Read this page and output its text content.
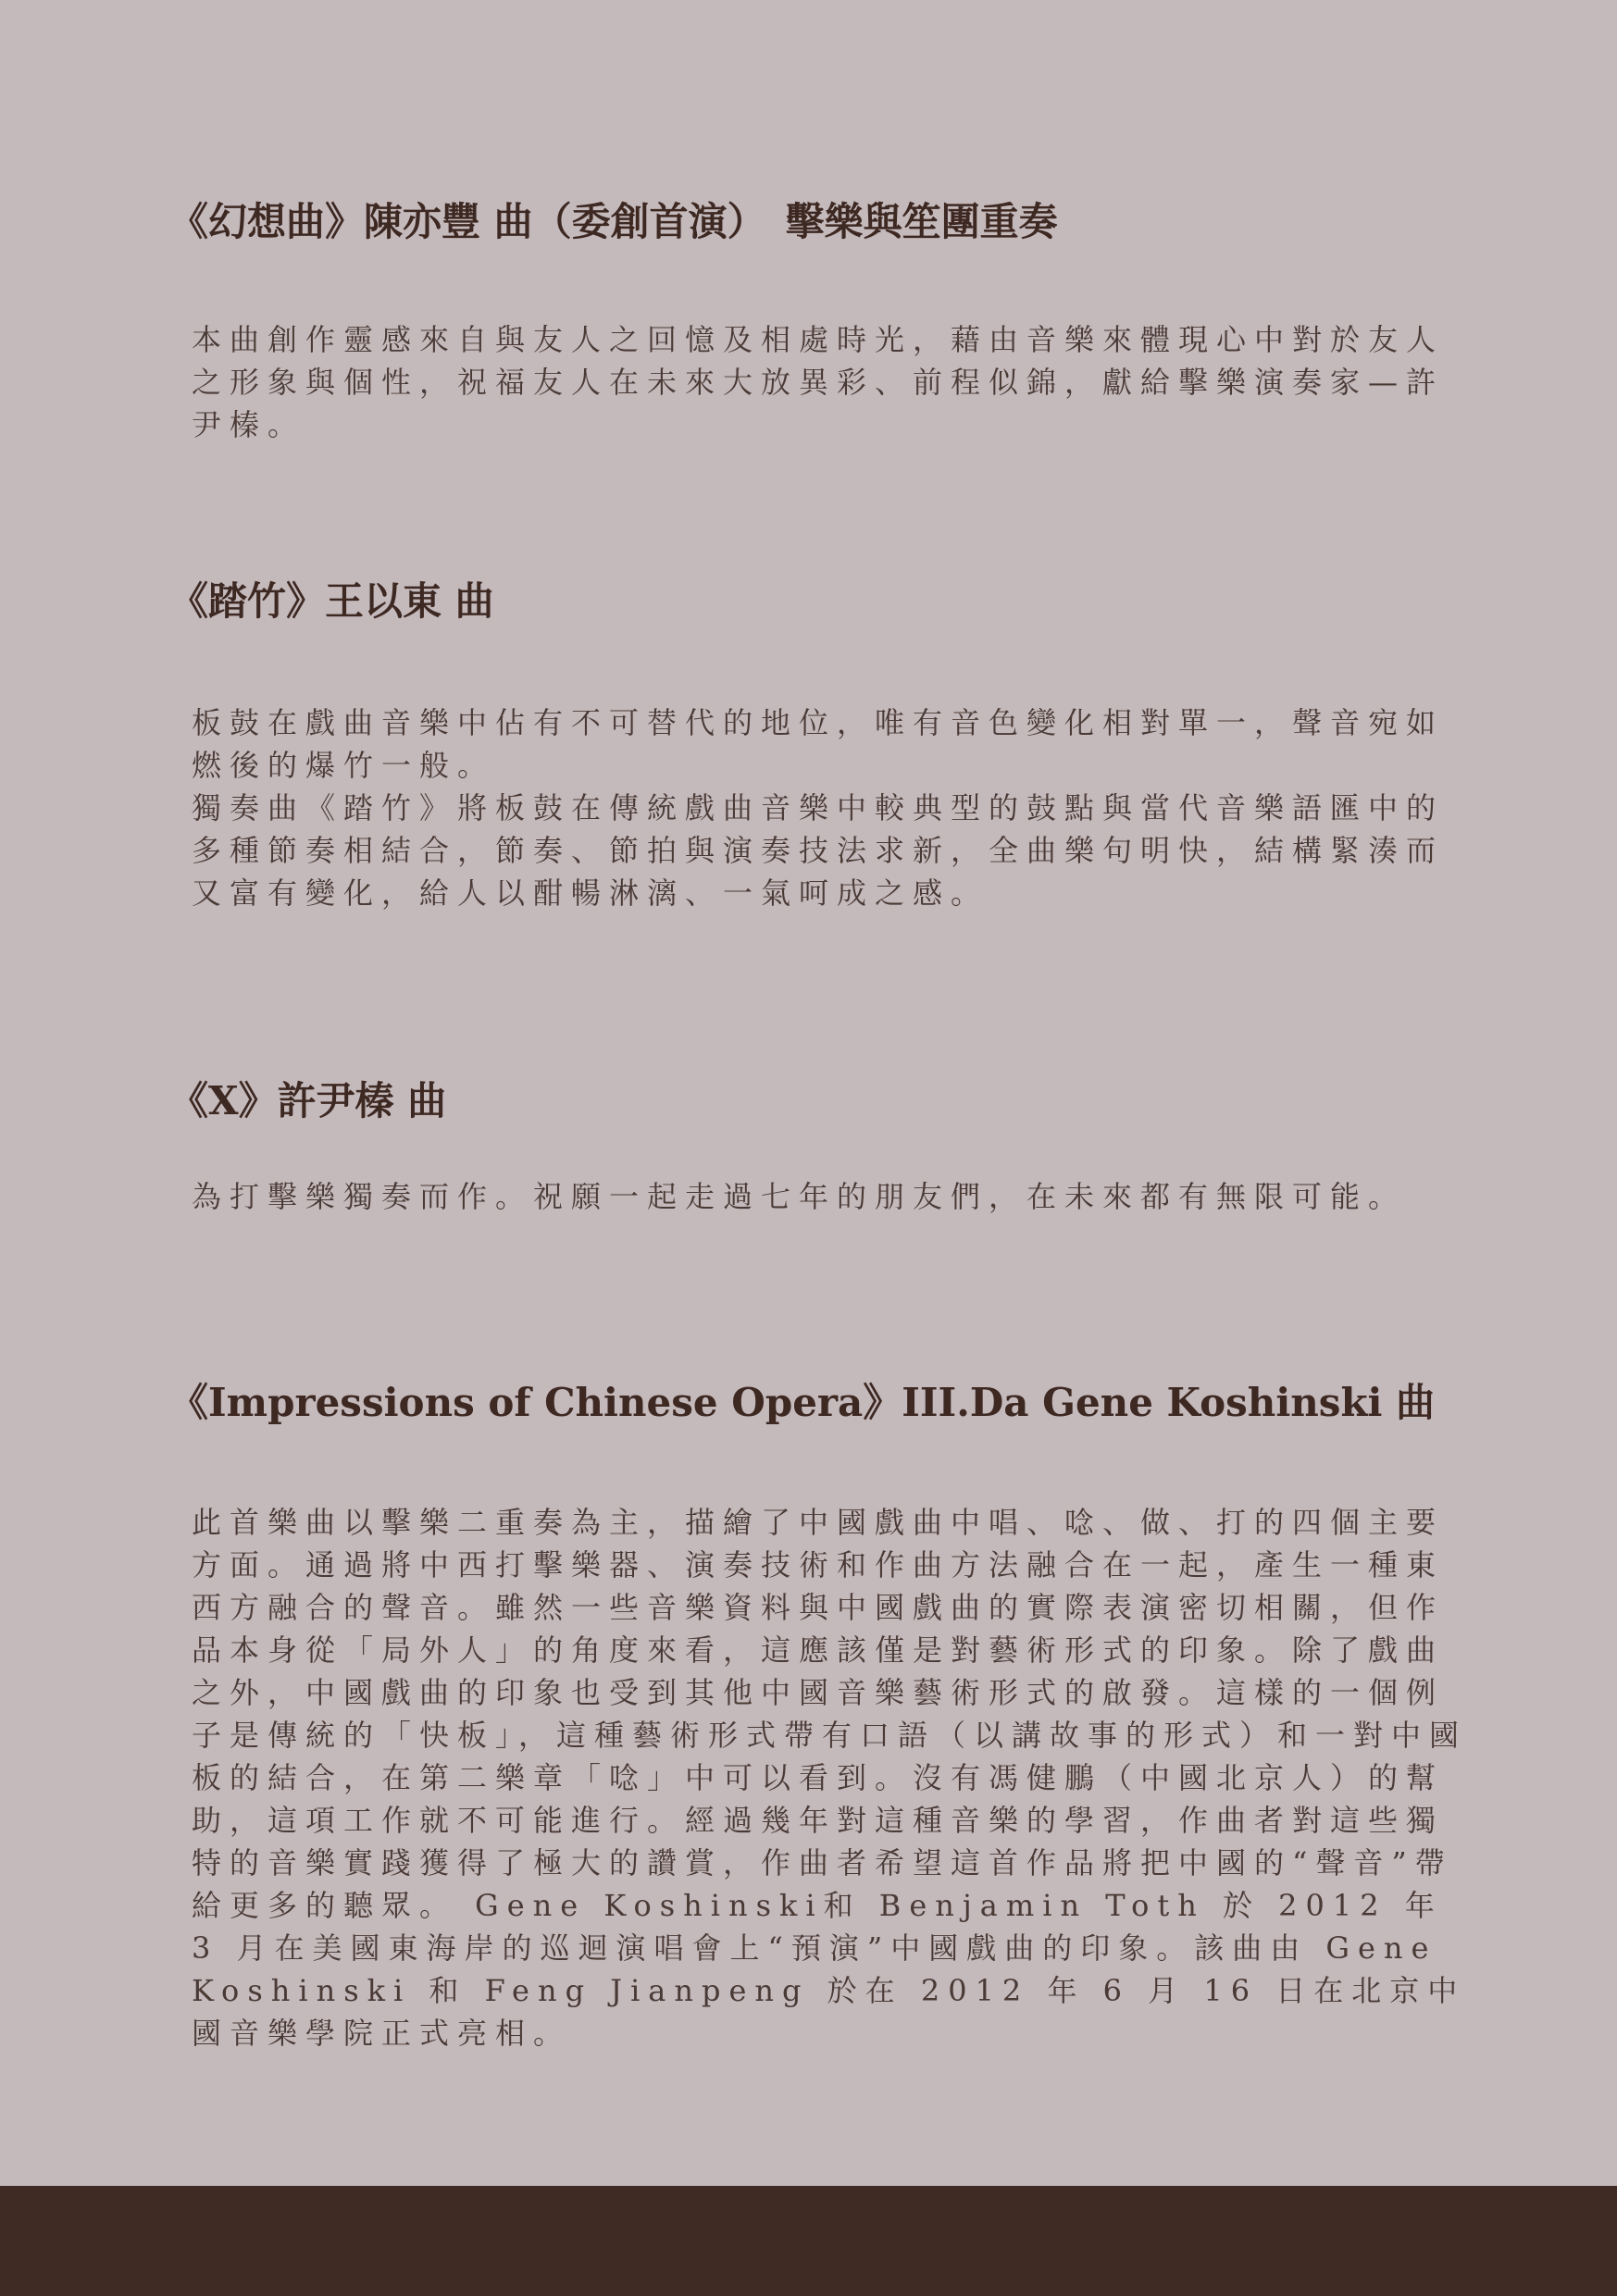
《幻想曲》陳亦豐 曲（委創首演）　擊樂與笙團重奏

本曲創作靈感來自與友人之回憶及相處時光，藉由音樂來體現心中對於友人之形象與個性，祝福友人在未來大放異彩、前程似錦，獻給擊樂演奏家—許尹榛。

《踏竹》王以東 曲

板鼓在戲曲音樂中佔有不可替代的地位，唯有音色變化相對單一，聲音宛如燃後的爆竹一般。

獨奏曲《踏竹》將板鼓在傳統戲曲音樂中較典型的鼓點與當代音樂語匯中的多種節奏相結合，節奏、節拍與演奏技法求新，全曲樂句明快，結構緊湊而又富有變化，給人以酣暢淋漓、一氣呵成之感。

《X》許尹榛 曲

為打擊樂獨奏而作。祝願一起走過七年的朋友們，在未來都有無限可能。

《Impressions of Chinese Opera》III.Da Gene Koshinski 曲

此首樂曲以擊樂二重奏為主，描繪了中國戲曲中唱、唸、做、打的四個主要方面。通過將中西打擊樂器、演奏技術和作曲方法融合在一起，產生一種東西方融合的聲音。雖然一些音樂資料與中國戲曲的實際表演密切相關，但作品本身從「局外人」的角度來看，這應該僅是對藝術形式的印象。除了戲曲之外，中國戲曲的印象也受到其他中國音樂藝術形式的啟發。這樣的一個例子是傳統的「快板」，這種藝術形式帶有口語（以講故事的形式）和一對中國板的結合，在第二樂章「唸」中可以看到。沒有馮健鵬（中國北京人）的幫助，這項工作就不可能進行。經過幾年對這種音樂的學習，作曲者對這些獨特的音樂實踐獲得了極大的讚賞，作曲者希望這首作品將把中國的“聲音”帶給更多的聽眾。 Gene Koshinski和 Benjamin Toth 於 2012 年 3 月在美國東海岸的巡迴演唱會上“預演”中國戲曲的印象。該曲由 Gene Koshinski 和 Feng Jianpeng 於在 2012 年 6 月 16 日在北京中國音樂學院正式亮相。
